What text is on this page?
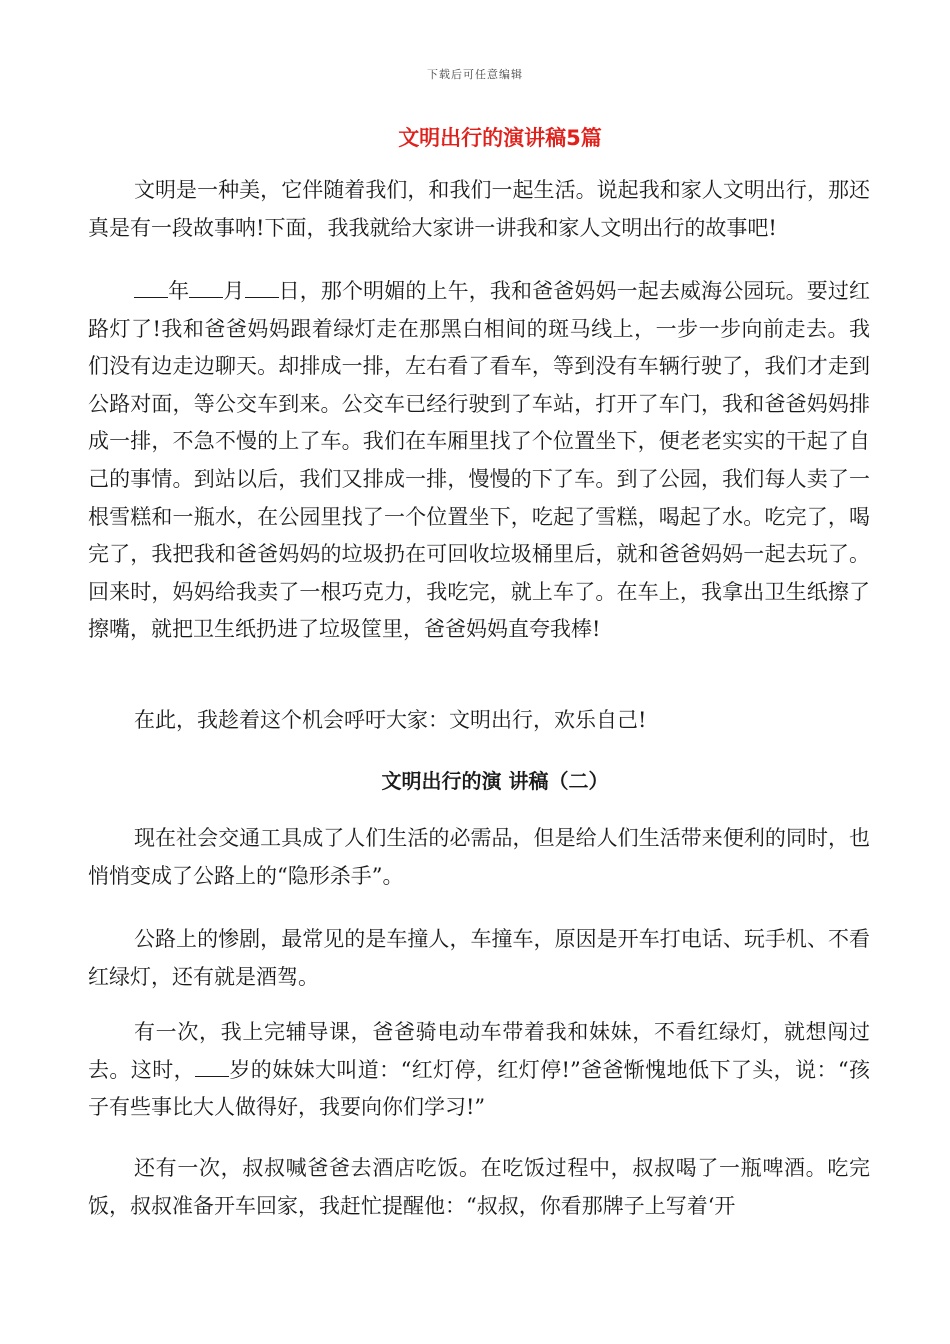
下载后可任意编辑
文明出行的演讲稿5篇

文明是一种美，它伴随着我们，和我们一起生活。说起我和家人文明出行，那还真是有一段故事呐!下面，我我就给大家讲一讲我和家人文明出行的故事吧!

年 月 日，那个明媚的上午，我和爸爸妈妈一起去威海公园玩。要过红路灯了!我和爸爸妈妈跟着绿灯走在那黑白相间的斑马线上，一步一步向前走去。我们没有边走边聊天。却排成一排，左右看了看车，等到没有车辆行驶了，我们才走到公路对面，等公交车到来。公交车已经行驶到了车站，打开了车门，我和爸爸妈妈排成一排，不急不慢的上了车。我们在车厢里找了个位置坐下，便老老实实的干起了自己的事情。到站以后，我们又排成一排，慢慢的下了车。到了公园，我们每人卖了一根雪糕和一瓶水，在公园里找了一个位置坐下，吃起了雪糕，喝起了水。吃完了，喝完了，我把我和爸爸妈妈的垃圾扔在可回收垃圾桶里后，就和爸爸妈妈一起去玩了。回来时，妈妈给我卖了一根巧克力，我吃完，就上车了。在车上，我拿出卫生纸擦了擦嘴，就把卫生纸扔进了垃圾筐里，爸爸妈妈直夸我棒!

在此，我趁着这个机会呼吁大家：文明出行，欢乐自己!

文明出行的演 讲稿（二）

现在社会交通工具成了人们生活的必需品，但是给人们生活带来便利的同时，也悄悄变成了公路上的“隐形杀手”。

公路上的惨剧，最常见的是车撞人，车撞车，原因是开车打电话、玩手机、不看红绿灯，还有就是酒驾。

有一次，我上完辅导课，爸爸骑电动车带着我和妹妹，不看红绿灯，就想闯过去。这时， 岁的妹妹大叫道：“红灯停，红灯停!”爸爸惭愧地低下了头，说：“孩子有些事比大人做得好，我要向你们学习!”

还有一次，叔叔喊爸爸去酒店吃饭。在吃饭过程中，叔叔喝了一瓶啤酒。吃完饭，叔叔准备开车回家，我赶忙提醒他：“叔叔，你看那牌子上写着‘开
